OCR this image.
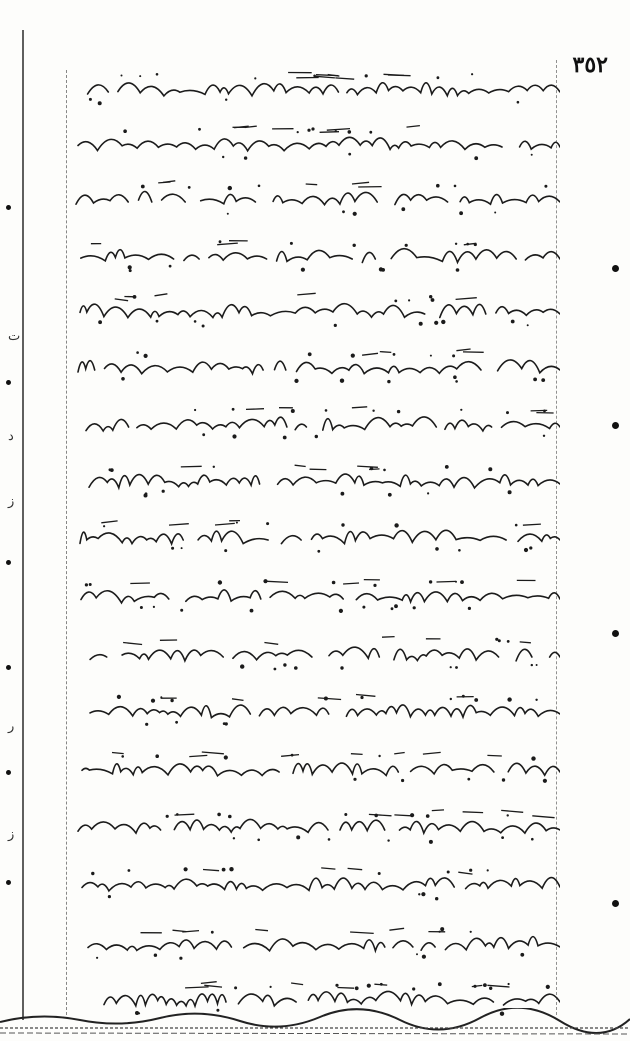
٣٥٢
ت
د
ز
ر
ز
